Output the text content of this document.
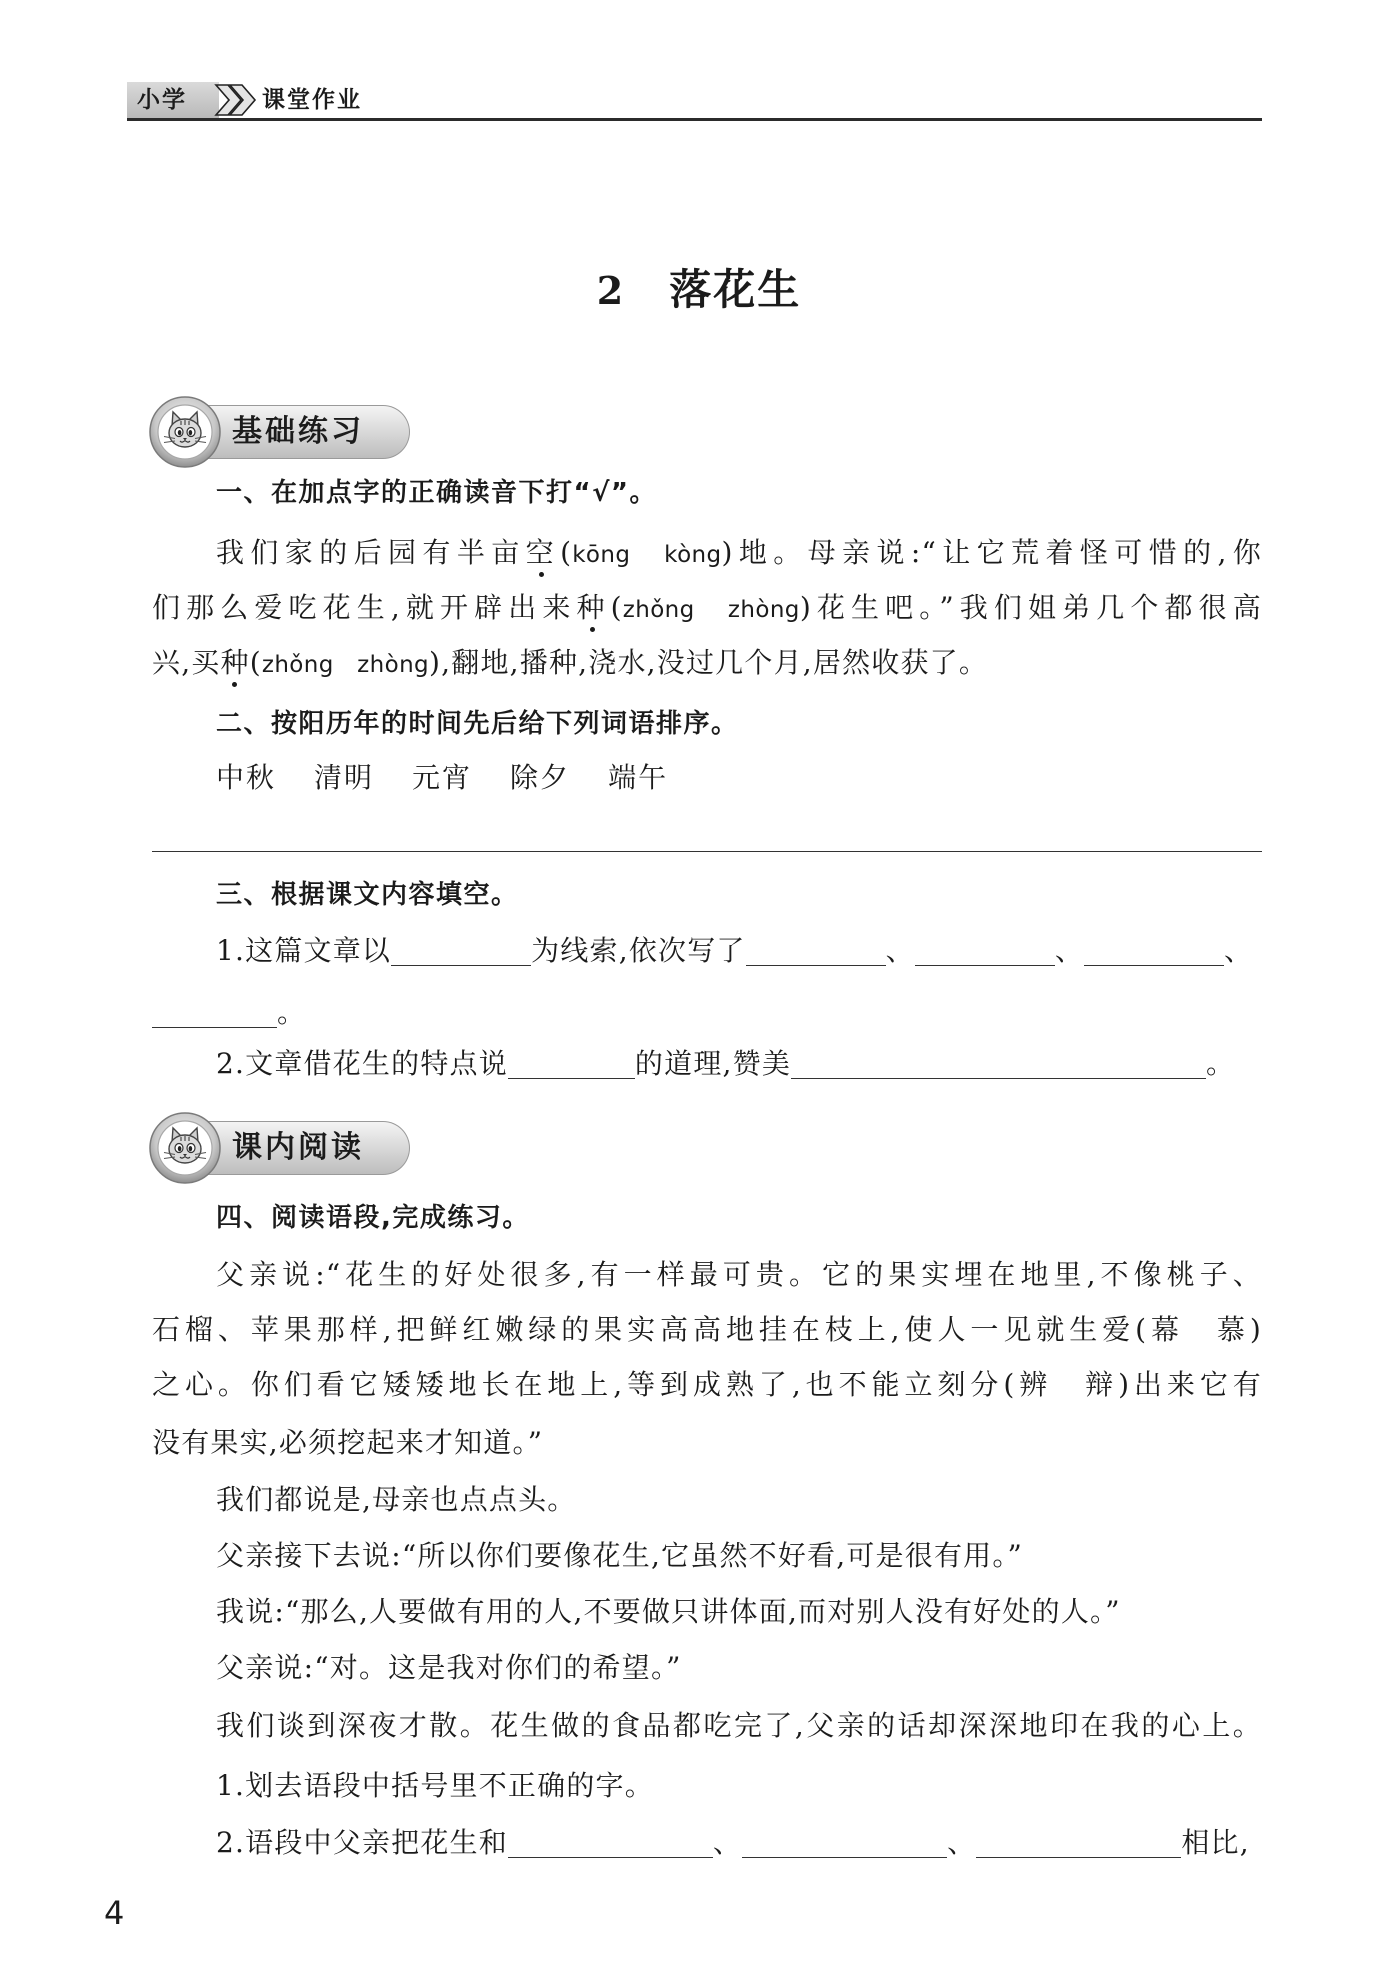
小学	课堂作业
2 落花生
基础练习
一、在加点字的正确读音下打“√”。
我们家的后园有半亩空(kōng　kòng)地。母亲说:“让它荒着怪可惜的,你
们那么爱吃花生,就开辟出来种(zhǒng　zhòng)花生吧。”我们姐弟几个都很高
兴,买种(zhǒng　zhòng),翻地,播种,浇水,没过几个月,居然收获了。
二、按阳历年的时间先后给下列词语排序。
中秋 清明 元宵 除夕 端午
三、根据课文内容填空。
1.这篇文章以	为线索,依次写了	、	、	、
。
2.文章借花生的特点说	的道理,赞美	。
课内阅读
四、阅读语段,完成练习。
父亲说:“花生的好处很多,有一样最可贵。它的果实埋在地里,不像桃子、
石榴、苹果那样,把鲜红嫩绿的果实高高地挂在枝上,使人一见就生爱(幕　慕)
之心。你们看它矮矮地长在地上,等到成熟了,也不能立刻分(辨　辩)出来它有
没有果实,必须挖起来才知道。”
我们都说是,母亲也点点头。
父亲接下去说:“所以你们要像花生,它虽然不好看,可是很有用。”
我说:“那么,人要做有用的人,不要做只讲体面,而对别人没有好处的人。”
父亲说:“对。这是我对你们的希望。”
我们谈到深夜才散。花生做的食品都吃完了,父亲的话却深深地印在我的心上。
1.划去语段中括号里不正确的字。
2.语段中父亲把花生和	、	、	相比,
4
